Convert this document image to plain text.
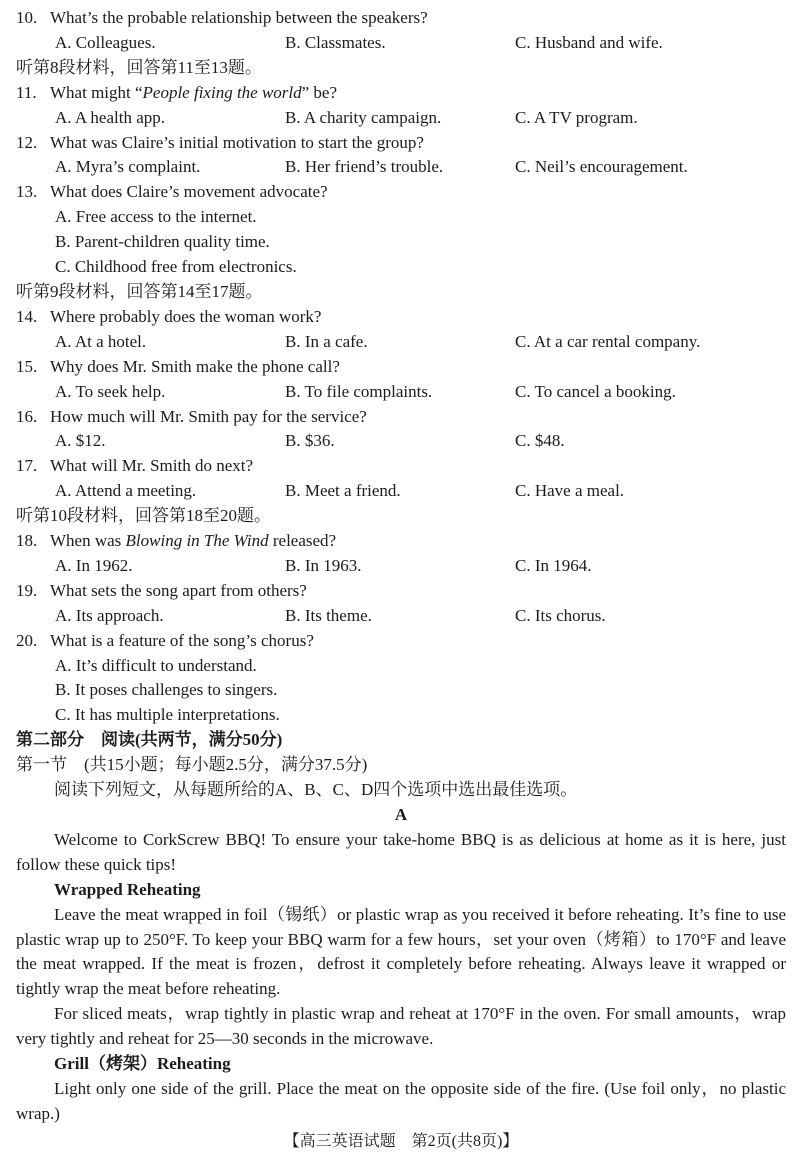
10. What’s the probable relationship between the speakers?
A. Colleagues.	B. Classmates.	C. Husband and wife.
听第8段材料，回答第11至13题。
11. What might “People fixing the world” be?
A. A health app.	B. A charity campaign.	C. A TV program.
12. What was Claire’s initial motivation to start the group?
A. Myra’s complaint.	B. Her friend’s trouble.	C. Neil’s encouragement.
13. What does Claire’s movement advocate?
A. Free access to the internet.
B. Parent-children quality time.
C. Childhood free from electronics.
听第9段材料，回答第14至17题。
14. Where probably does the woman work?
A. At a hotel.	B. In a cafe.	C. At a car rental company.
15. Why does Mr. Smith make the phone call?
A. To seek help.	B. To file complaints.	C. To cancel a booking.
16. How much will Mr. Smith pay for the service?
A. $12.	B. $36.	C. $48.
17. What will Mr. Smith do next?
A. Attend a meeting.	B. Meet a friend.	C. Have a meal.
听第10段材料，回答第18至20题。
18. When was Blowing in The Wind released?
A. In 1962.	B. In 1963.	C. In 1964.
19. What sets the song apart from others?
A. Its approach.	B. Its theme.	C. Its chorus.
20. What is a feature of the song’s chorus?
A. It’s difficult to understand.
B. It poses challenges to singers.
C. It has multiple interpretations.
第二部分　阅读(共两节，满分50分)
第一节　(共15小题；每小题2.5分，满分37.5分)
阅读下列短文，从每题所给的A、B、C、D四个选项中选出最佳选项。
A
Welcome to CorkScrew BBQ! To ensure your take-home BBQ is as delicious at home as it is here, just follow these quick tips!
Wrapped Reheating
Leave the meat wrapped in foil（锡纸）or plastic wrap as you received it before reheating. It’s fine to use plastic wrap up to 250°F. To keep your BBQ warm for a few hours，set your oven（烤箱）to 170°F and leave the meat wrapped. If the meat is frozen，defrost it completely before reheating. Always leave it wrapped or tightly wrap the meat before reheating.
For sliced meats，wrap tightly in plastic wrap and reheat at 170°F in the oven. For small amounts，wrap very tightly and reheat for 25—30 seconds in the microwave.
Grill（烤架）Reheating
Light only one side of the grill. Place the meat on the opposite side of the fire. (Use foil only，no plastic wrap.)
【高三英语试题　第2页(共8页)】
